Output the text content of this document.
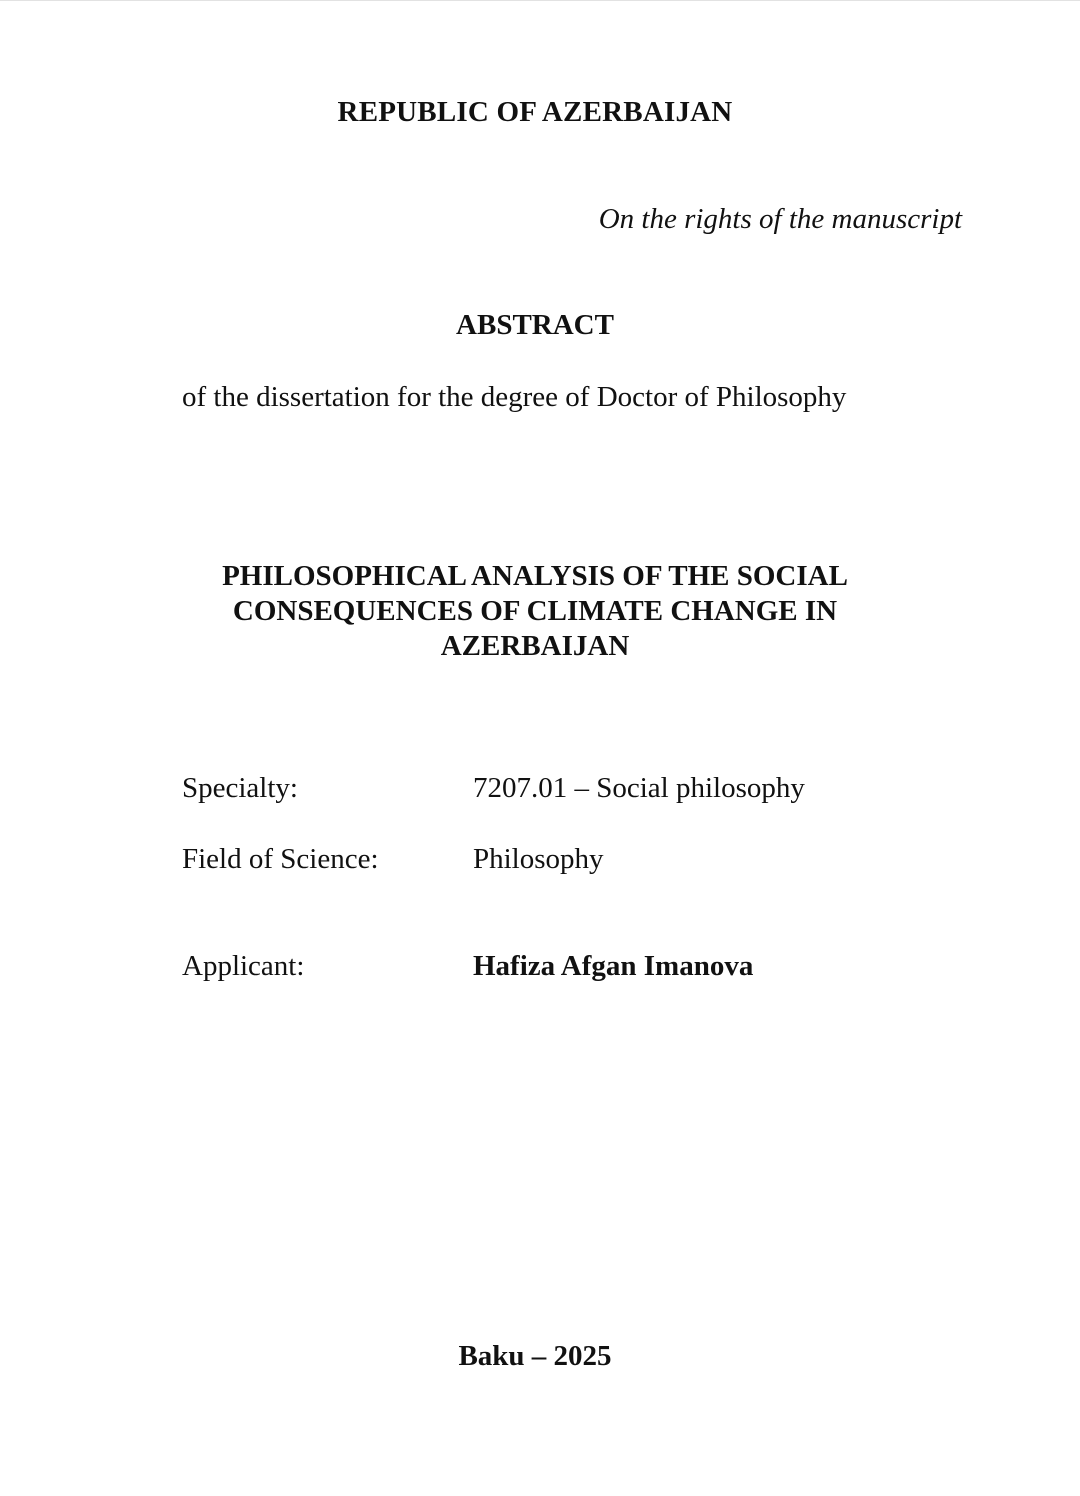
REPUBLIC OF AZERBAIJAN
On the rights of the manuscript
ABSTRACT
of the dissertation for the degree of Doctor of Philosophy
PHILOSOPHICAL ANALYSIS OF THE SOCIAL
CONSEQUENCES OF CLIMATE CHANGE IN
AZERBAIJAN
Specialty:	7207.01 – Social philosophy
Field of Science:	Philosophy
Applicant:	Hafiza Afgan Imanova
Baku – 2025
